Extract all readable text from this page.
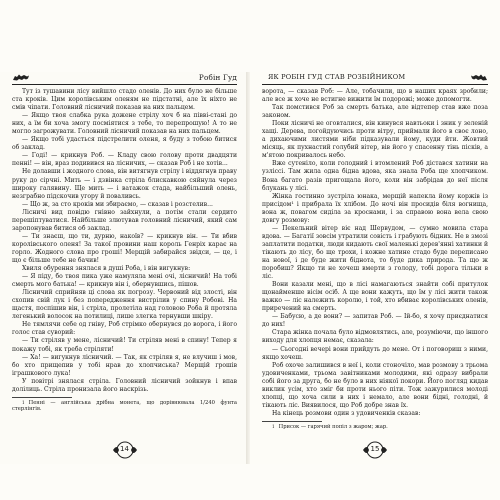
Робін Гуд

Тут із тушавини лісу вийшло стадо оленів. До них було не більше ста кроків. Цим королівським оленям не підстатні, але їх ніхто не смів чіпати. Головний лісничий показав на них пальцем.

— Якщо твоя слабка рука дожене стрілу хоч б на півві-стані до них, а їм би хоча змогу посміятися з тебе, то перепрошую! А то не могло загрожувати. Головний лісничий показав на них пальцем.

— Якщо тобі удасться підстрелити оленя, я буду з тобою битися об заклад.

— Годі! — крикнув Роб. — Кладу свою голову проти двадцяти пенні! — він, враз подивився на лісничих, — сказав Роб і не хотів...

Не долавши і жодного слова, він витягнув стрілу і віддягнув праву руку до сірчні. Мить — і дзвінка стріла блискавкою сяйнула через широку галявину. Ще мить — і ватажок стада, найбільший олень, незграбно підскочив угору й поваливсь.

— Що ж, за сто кроків ми збираємо, — сказав і розстелив...

Лісничі вид повідю гнівно зайхнули, а потім стали сердито перешіптуватися. Найбільше злютував головний лісничий, який сам заропонував битися об заклад.

— Ти знаєш, що ти, дурню, накоїв? — крикнув він. — Ти вбив королівського оленя! За такої провини наш король Генріх карає на горло. Жодного слова про гроші! Мерщій забирайся звідси, — це, і що є більше тебе не бачив!

Хвиля обурення знялася в душі Роба, і він вигукнув:

— Я піду, бо твоя пика уже намуляла мені очі, лісничий! На тобі смерть мого батька! — крикнув він і, обернувшись, пішов.

Лісничий сприйняв ці слова як погрозу. Червоний від злості, він схопив свій лук і без попередження вистрілив у спину Робові. На щастя, поспішив він, і стріла, пролетіла над головою Роба й протяла легенький волосок на потилиці, лише злегка тернувши шкіру.

Не тямлячи себе од гніву, Роб стрімко обернувся до ворога, і його голос став суворий:

— Ти стріляв у мене, лісничий! Ти стріляв мені в спину! Тепер я покажу тобі, як треба стріляти!

— Ха! — вигукнув лісничий. — Так, як стріляв я, не влучиш і мов, бо хто прищепив у тобі нрав до хлопчиська? Мерщій грошів іграшкового лука!

У повітрі знялася стріла. Головний лісничий зойкнув і впав долілиць. Стріла пронизала його наскрізь.

$^1$ Пенні — англійська дрібна монета, що дорівнювала 1/240 фунта стерлінгів.

14
ЯК РОБІН ГУД СТАВ РОЗБІЙНИКОМ

ворота, — сказав Роб: — Але, тобачили, що в наших краях зробили; але все ж хоче не встигне вижити їм подорожі; може допомогти.

Так помстився Роб за смерть батька, але відтепер став вже поза законом.

Поки лісничі не оговталися, він кинувся навтьоки і зник у зеленій хащі. Дерева, погойдуючись проти вітру, приймали його в своє лоно, а дихаючими листями ніби підказували йому, куди йти. Жовтий місяць, як пухнастий голубий вітер, вів його у спасенну тінь пісків, а м'ятою покривалось небо.

Вже сутеніло, коли голодний і втомлений Роб дістався хатини на узліссі. Там жила одна бідна вдова, яка знала Роба ще хлопчиком. Вона багато разів пригощала його, коли він забрідав до неї після блукань у лісі.

Жінка гостинно зустріла юнака, мерщій напекла йому коржів із присідом¹ і прибрала їх хлібом. До ночі він просидів біля вогнища, вона ж, повагом сиділа за кроснами, і за справою вона вела свою довгу розмову:

— Пекельний вітер віє над Шервудом, — сумно мовила стара вдова. — Багатії зовсім утратили совість і грабують бідних. Не в змозі заплатити податки, люди кидають свої маленькі дерев'янні хатинки й тікають до лісу, бо ще трохи, і кожне хатине стадо буде переписано на нової, і де буде жити біднота, то буде дика природа. Та що ж поробиш? Якщо ти не хочеш вмерти з голоду, тобі дорога тільки в ліс.

Вони казали мені, що в лісі намагаються знайти собі притулок щонайменше вісім осіб. А ще вони кажуть, що їм у лісі жити також важко — ліс належить королю, і той, хто вбиває королівських оленів, приречений на смерть.

— Бабусю, а де вони? — запитав Роб. — Ій-бо, я хочу приєднатися до них!

Стара жінка почала було відмовлятись, але, розуміючи, що іншого виходу для хлопця немає, сказала:

— Сьогодні вечері вони прийдуть до мене. От і поговориш з ними, якщо хочеш.

Роб охоче залишився в неї і, коли стоночіло, мав розмову з трьома удовиченками, трьома завітниками молодими, які одразу вибрали собі його за друга, бо не було в них ніякої покори. Його погляд кидав виклик усім, хто зміг би проти нього піти. Тож зажурилися молоді хлопці, що хоча сили в них і немало, але вони бідні, голодні, й тікають ліс. Виявилося, що Роб добре знав їх.

На кінець розмови один з удовиченків сказав:

$^1$ Присок — гарячий попіл з жаром; жар.

15
